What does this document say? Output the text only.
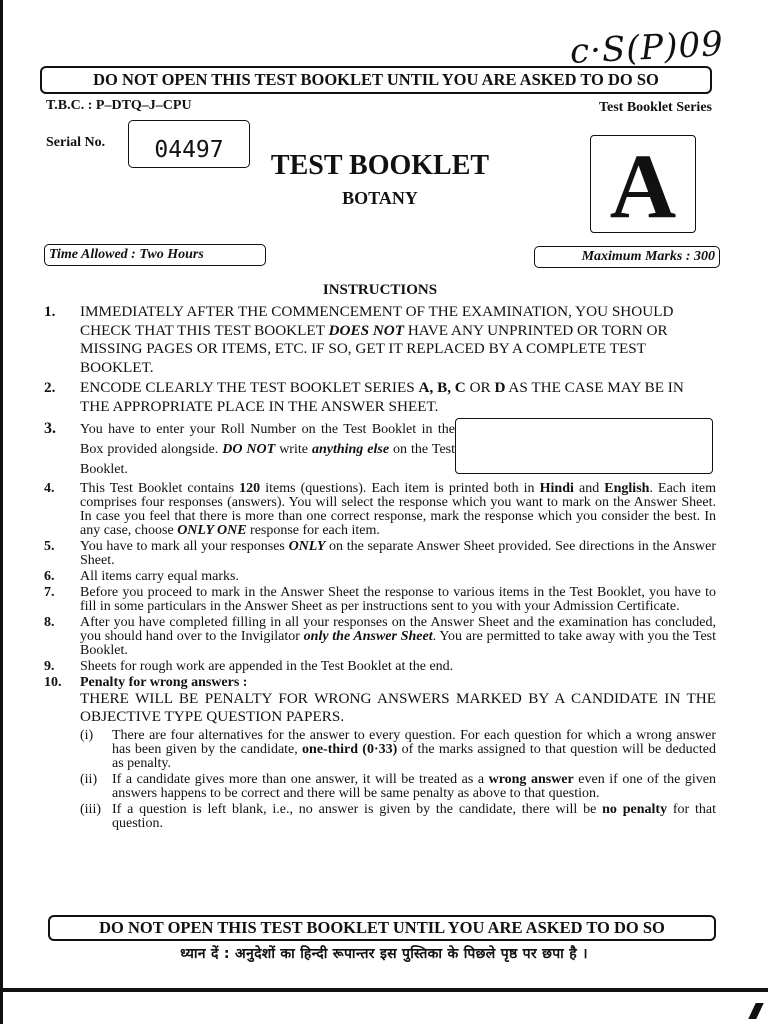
c·S(P)09
DO NOT OPEN THIS TEST BOOKLET UNTIL YOU ARE ASKED TO DO SO
T.B.C. : P–DTQ–J–CPU	Test Booklet Series
Serial No.	04497	TEST BOOKLET
BOTANY	A
Time Allowed : Two Hours	Maximum Marks : 300
INSTRUCTIONS
1. IMMEDIATELY AFTER THE COMMENCEMENT OF THE EXAMINATION, YOU SHOULD CHECK THAT THIS TEST BOOKLET DOES NOT HAVE ANY UNPRINTED OR TORN OR MISSING PAGES OR ITEMS, ETC. IF SO, GET IT REPLACED BY A COMPLETE TEST BOOKLET.
2. ENCODE CLEARLY THE TEST BOOKLET SERIES A, B, C OR D AS THE CASE MAY BE IN THE APPROPRIATE PLACE IN THE ANSWER SHEET.
3. You have to enter your Roll Number on the Test Booklet in the Box provided alongside. DO NOT write anything else on the Test Booklet.
4. This Test Booklet contains 120 items (questions). Each item is printed both in Hindi and English. Each item comprises four responses (answers). You will select the response which you want to mark on the Answer Sheet. In case you feel that there is more than one correct response, mark the response which you consider the best. In any case, choose ONLY ONE response for each item.
5. You have to mark all your responses ONLY on the separate Answer Sheet provided. See directions in the Answer Sheet.
6. All items carry equal marks.
7. Before you proceed to mark in the Answer Sheet the response to various items in the Test Booklet, you have to fill in some particulars in the Answer Sheet as per instructions sent to you with your Admission Certificate.
8. After you have completed filling in all your responses on the Answer Sheet and the examination has concluded, you should hand over to the Invigilator only the Answer Sheet. You are permitted to take away with you the Test Booklet.
9. Sheets for rough work are appended in the Test Booklet at the end.
10. Penalty for wrong answers :
THERE WILL BE PENALTY FOR WRONG ANSWERS MARKED BY A CANDIDATE IN THE OBJECTIVE TYPE QUESTION PAPERS.
(i) There are four alternatives for the answer to every question. For each question for which a wrong answer has been given by the candidate, one-third (0·33) of the marks assigned to that question will be deducted as penalty.
(ii) If a candidate gives more than one answer, it will be treated as a wrong answer even if one of the given answers happens to be correct and there will be same penalty as above to that question.
(iii) If a question is left blank, i.e., no answer is given by the candidate, there will be no penalty for that question.
DO NOT OPEN THIS TEST BOOKLET UNTIL YOU ARE ASKED TO DO SO
ध्यान दें : अनुदेशों का हिन्दी रूपान्तर इस पुस्तिका के पिछले पृष्ठ पर छपा है ।
